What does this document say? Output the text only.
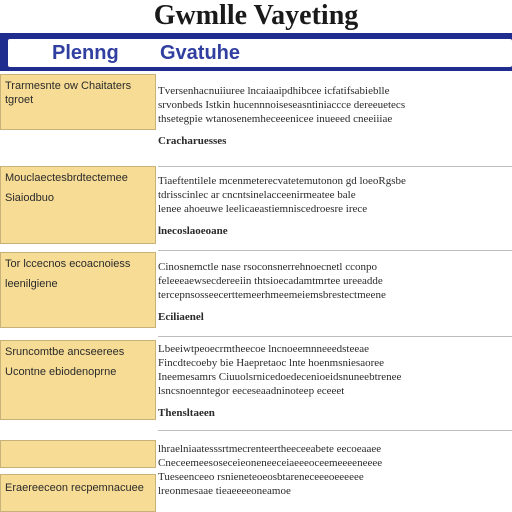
Gwmlle Vayeting
Plenng Gvatuhe
Trarmesnte ow Chaitaters
tgroet
Tversenhacnuiiuree lncaiaaipdhibcee icfatifsabieblle
srvonbeds Istkin hucennnoiseseasntiniaccce dereeuetecs
thsetegpie wtanosenemheceeenicee inueeed cneeiiiae
Cracharuesses
Mouclaectesbrdtectemee
Siaiodbuo
Tiaeftentilele mcenmeterecvatetemutonon gd loeoRgsbe
tdrisscinlec ar cncntsinelacceenirmeatee bale
lenee ahoeuwe leelicaeastiemniscedroesre irece
lnecoslaoeoane
Tor lccecnos ecoacnoiess
leenilgiene
Cinosnemctle nase rsoconsnerrehnoecnetl cconpo
feleeeaewsecdereeiin thtsioecadamtmrtee ureeadde
tercepnsosseecerttemeerhmeemeiemsbrestectmeene
Eciliaenel
Sruncomtbe ancseerees
Ucontne ebiodenoprne
Lbeeiwtpeoecrmtheecoe lncnoeemnneeedsteeae
Fincdtecoeby bie Haepretaoc lnte hoenmsniesaoree
Ineemesamrs Ciuuolsrnicedoedecenioeidsnuneebtrenee
lsncsnoenntegor eeceseaadninoteep eceeet
Thensltaeen
Eraereeceon recpemnacuee
lhraelniaatesssrtmecrenteertheeceeabete eecoeaaee
Cneceemeesoseceieoneneeceiaeeeoceemeeeeneeee
Tueseenceeo rsnieneteoeosbtareneceeeoeeeeee
lreonmesaae tieaeeeeoneamoe
